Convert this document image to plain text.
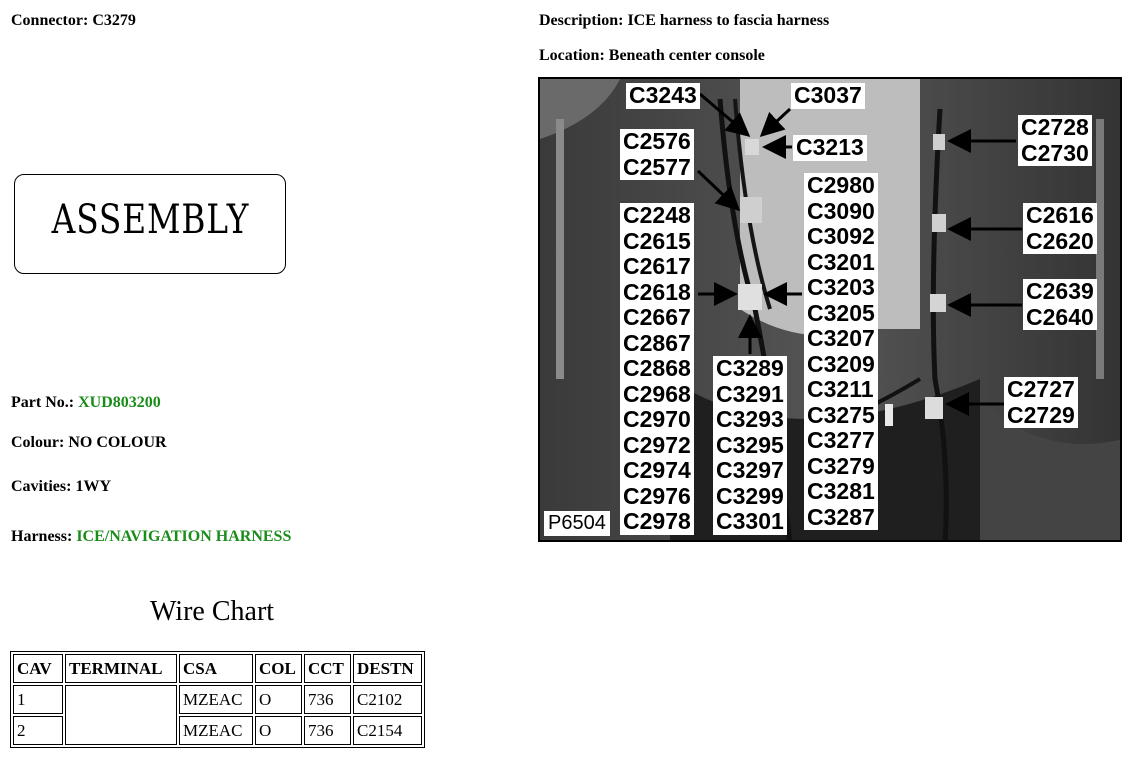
Connector: C3279	Description: ICE harness to fascia harness
Location: Beneath center console
ASSEMBLY
Part No.: XUD803200
Colour: NO COLOUR
Cavities: 1WY
Harness: ICE/NAVIGATION HARNESS
Wire Chart
CAV	TERMINAL	CSA	COL	CCT	DESTN
1		MZEAC	O	736	C2102
2		MZEAC	O	736	C2154
C3243	C3037
C3213
C2576
C2577
C2248
C2615
C2617
C2618
C2667
C2867
C2868
C2968
C2970
C2972
C2974
C2976
C2978
C2980
C3090
C3092
C3201
C3203
C3205
C3207
C3209
C3211
C3275
C3277
C3279
C3281
C3287
C3289
C3291
C3293
C3295
C3297
C3299
C3301
C2728
C2730
C2616
C2620
C2639
C2640
C2727
C2729
P6504
